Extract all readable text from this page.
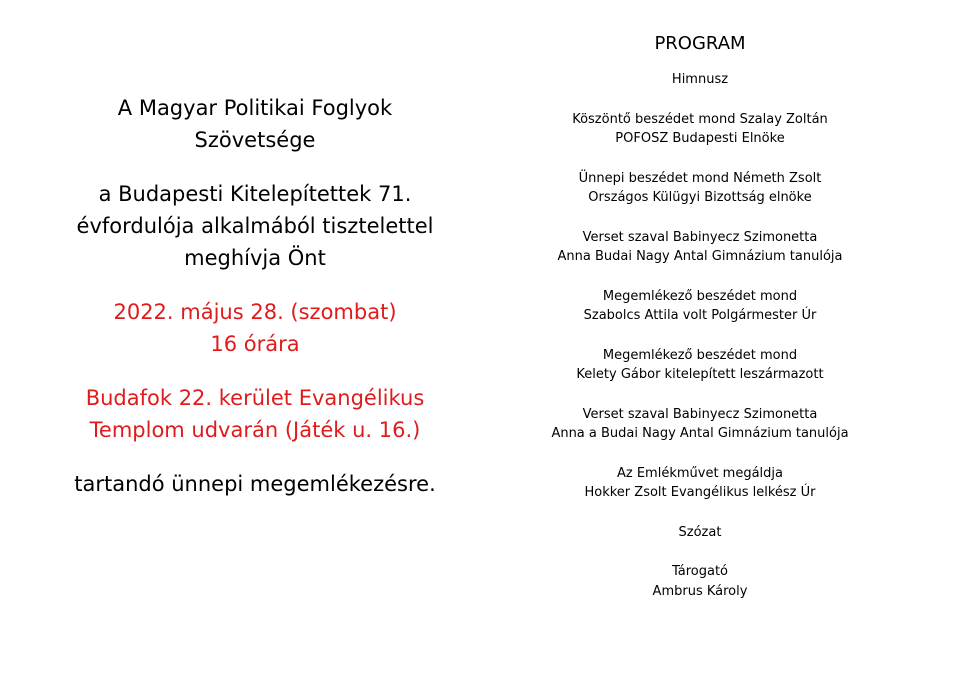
A Magyar Politikai Foglyok

Szövetsége

a Budapesti Kitelepítettek 71.

évfordulója alkalmából tisztelettel

meghívja Önt

2022. május 28. (szombat)

16 órára

Budafok 22. kerület Evangélikus

Templom udvarán (Játék u. 16.)

tartandó ünnepi megemlékezésre.

PROGRAM
Himnusz
Köszöntő beszédet mond Szalay Zoltán
POFOSZ Budapesti Elnöke
Ünnepi beszédet mond Németh Zsolt
Országos Külügyi Bizottság elnöke
Verset szaval Babinyecz Szimonetta
Anna Budai Nagy Antal Gimnázium tanulója
Megemlékező beszédet mond
Szabolcs Attila volt Polgármester Úr
Megemlékező beszédet mond
Kelety Gábor kitelepített leszármazott
Verset szaval Babinyecz Szimonetta
Anna a Budai Nagy Antal Gimnázium tanulója
Az Emlékművet megáldja
Hokker Zsolt Evangélikus lelkész Úr
Szózat
Tárogató
Ambrus Károly
